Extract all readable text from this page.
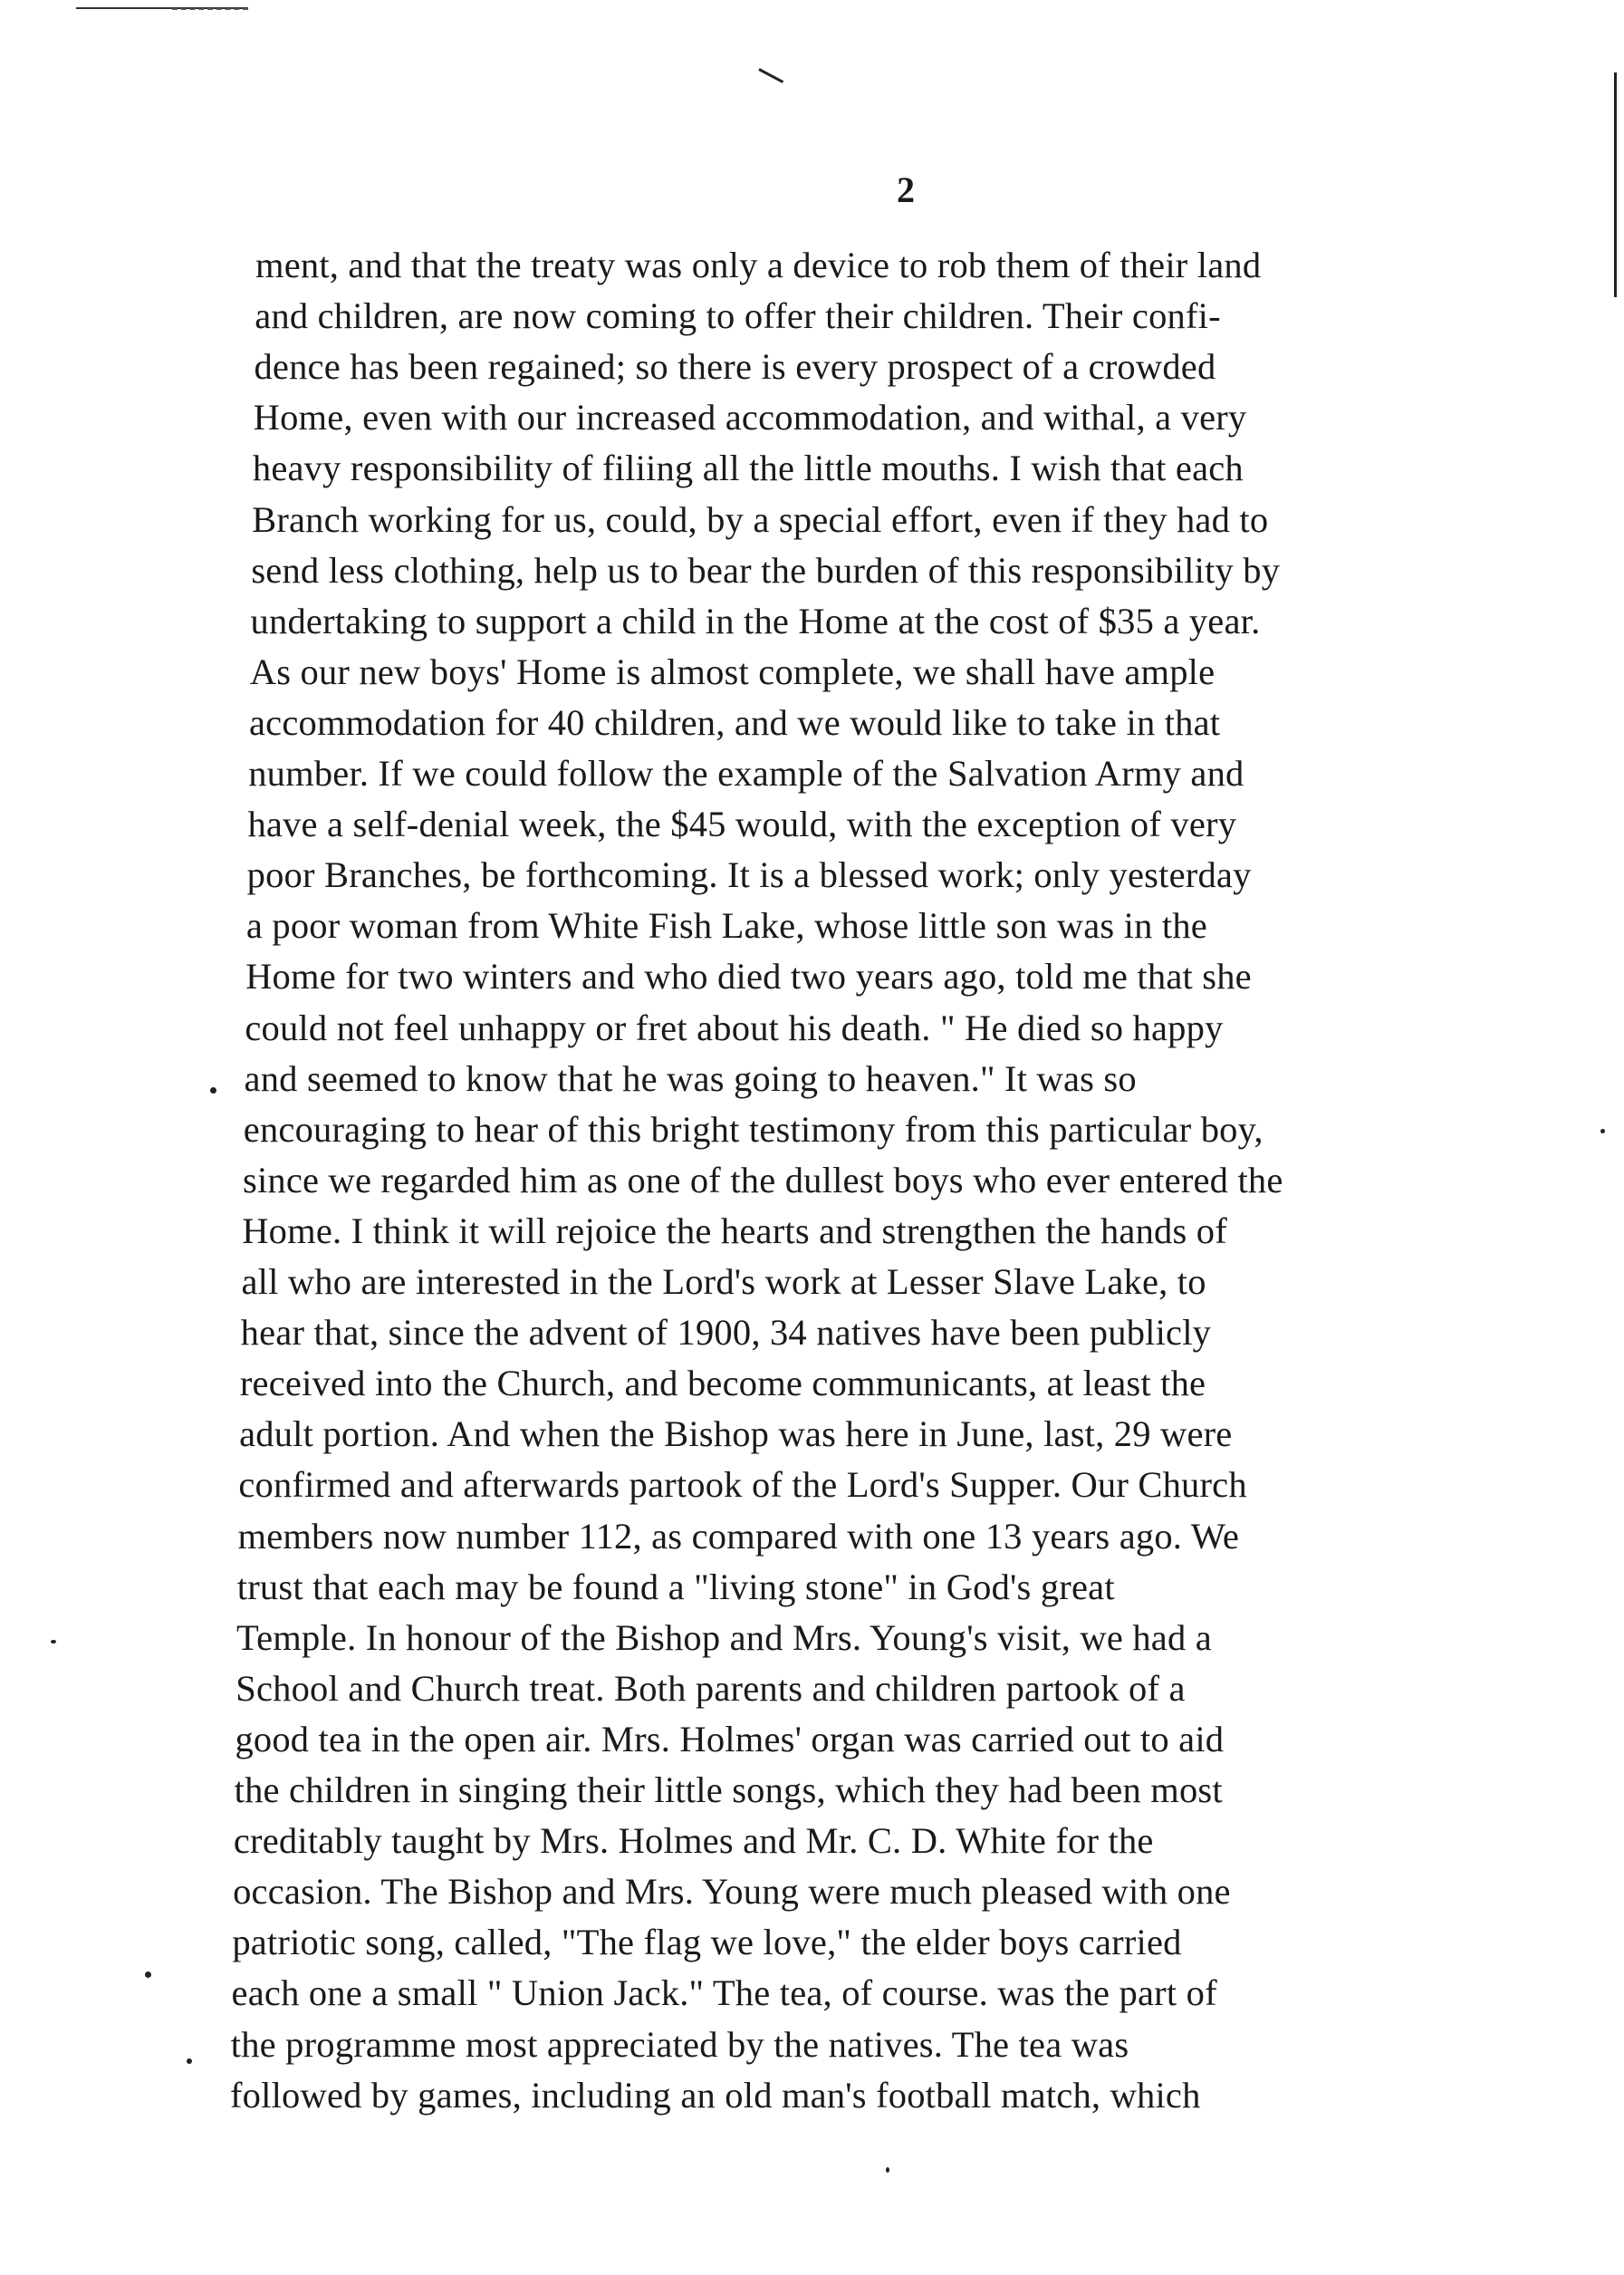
2
ment, and that the treaty was only a device to rob them of their land
and children, are now coming to offer their children. Their confi-
dence has been regained; so there is every prospect of a crowded
Home, even with our increased accommodation, and withal, a very
heavy responsibility of filiing all the little mouths. I wish that each
Branch working for us, could, by a special effort, even if they had to
send less clothing, help us to bear the burden of this responsibility by
undertaking to support a child in the Home at the cost of $35 a year.
As our new boys' Home is almost complete, we shall have ample
accommodation for 40 children, and we would like to take in that
number. If we could follow the example of the Salvation Army and
have a self-denial week, the $45 would, with the exception of very
poor Branches, be forthcoming. It is a blessed work; only yesterday
a poor woman from White Fish Lake, whose little son was in the
Home for two winters and who died two years ago, told me that she
could not feel unhappy or fret about his death. " He died so happy
and seemed to know that he was going to heaven." It was so
encouraging to hear of this bright testimony from this particular boy,
since we regarded him as one of the dullest boys who ever entered the
Home. I think it will rejoice the hearts and strengthen the hands of
all who are interested in the Lord's work at Lesser Slave Lake, to
hear that, since the advent of 1900, 34 natives have been publicly
received into the Church, and become communicants, at least the
adult portion. And when the Bishop was here in June, last, 29 were
confirmed and afterwards partook of the Lord's Supper. Our Church
members now number 112, as compared with one 13 years ago. We
trust that each may be found a "living stone" in God's great
Temple. In honour of the Bishop and Mrs. Young's visit, we had a
School and Church treat. Both parents and children partook of a
good tea in the open air. Mrs. Holmes' organ was carried out to aid
the children in singing their little songs, which they had been most
creditably taught by Mrs. Holmes and Mr. C. D. White for the
occasion. The Bishop and Mrs. Young were much pleased with one
patriotic song, called, "The flag we love," the elder boys carried
each one a small " Union Jack." The tea, of course. was the part of
the programme most appreciated by the natives. The tea was
followed by games, including an old man's football match, which
